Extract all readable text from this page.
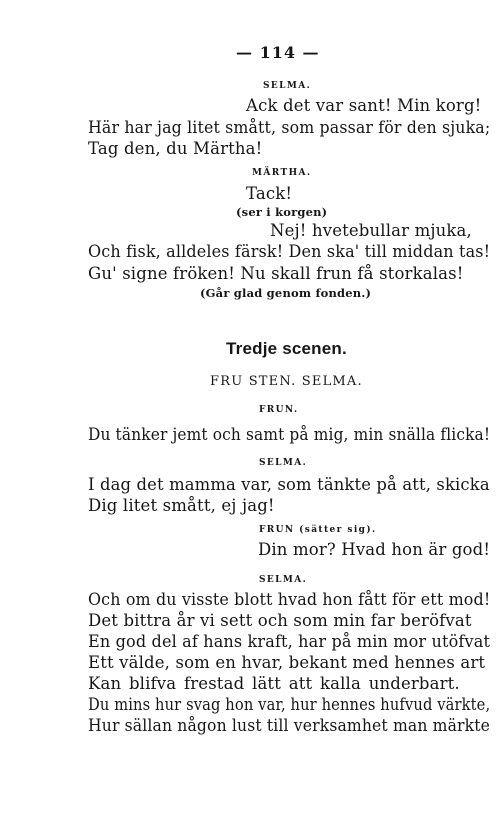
— 114 —
SELMA.
Ack det var sant! Min korg!
Här har jag litet smått, som passar för den sjuka;
Tag den, du Märtha!
MÄRTHA.
Tack!
(ser i korgen)
Nej! hvetebullar mjuka,
Och fisk, alldeles färsk! Den ska' till middan tas!
Gu' signe fröken! Nu skall frun få storkalas!
(Går glad genom fonden.)
Tredje scenen.
FRU STEN. SELMA.
FRUN.
Du tänker jemt och samt på mig, min snälla flicka!
SELMA.
I dag det mamma var, som tänkte på att, skicka
Dig litet smått, ej jag!
FRUN (sätter sig).
Din mor? Hvad hon är god!
SELMA.
Och om du visste blott hvad hon fått för ett mod!
Det bittra år vi sett och som min far beröfvat
En god del af hans kraft, har på min mor utöfvat
Ett välde, som en hvar, bekant med hennes art
Kan blifva frestad lätt att kalla underbart.
Du mins hur svag hon var, hur hennes hufvud värkte,
Hur sällan någon lust till verksamhet man märkte
